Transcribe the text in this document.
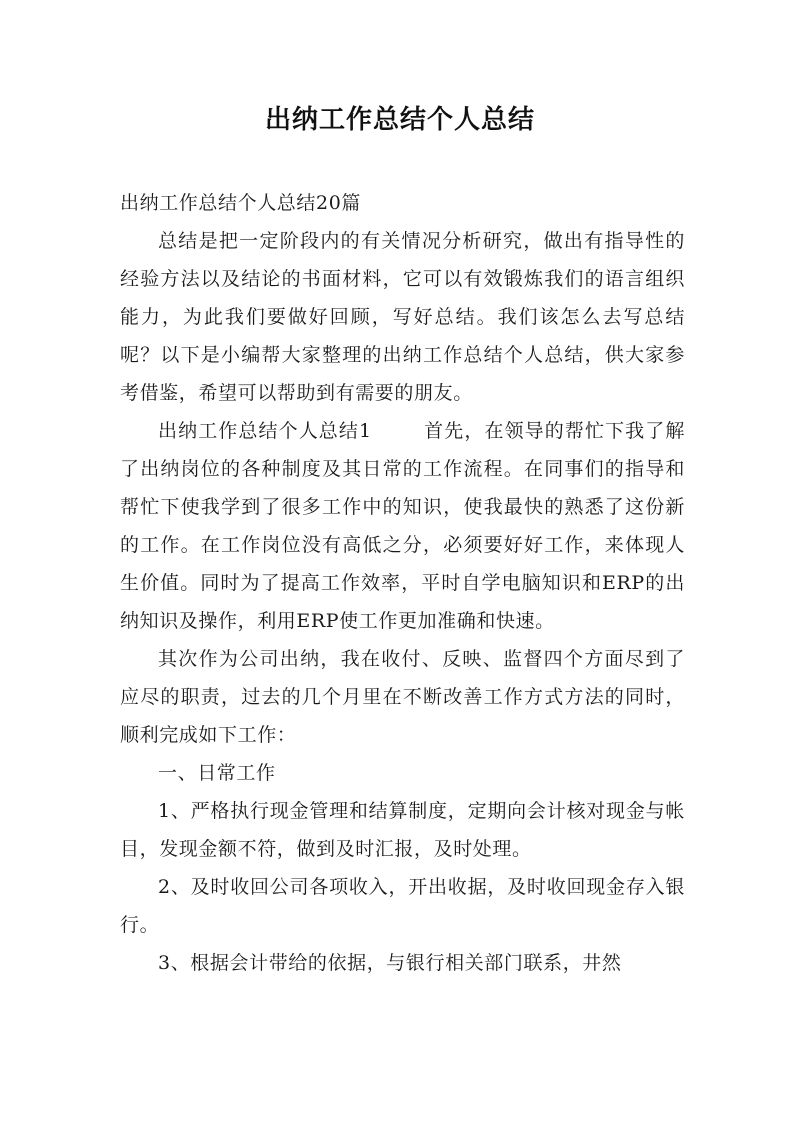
出纳工作总结个人总结

出纳工作总结个人总结20篇

总结是把一定阶段内的有关情况分析研究，做出有指导性的经验方法以及结论的书面材料，它可以有效锻炼我们的语言组织能力，为此我们要做好回顾，写好总结。我们该怎么去写总结呢？以下是小编帮大家整理的出纳工作总结个人总结，供大家参考借鉴，希望可以帮助到有需要的朋友。

出纳工作总结个人总结1	首先，在领导的帮忙下我了解了出纳岗位的各种制度及其日常的工作流程。在同事们的指导和帮忙下使我学到了很多工作中的知识，使我最快的熟悉了这份新的工作。在工作岗位没有高低之分，必须要好好工作，来体现人生价值。同时为了提高工作效率，平时自学电脑知识和ERP的出纳知识及操作，利用ERP使工作更加准确和快速。

其次作为公司出纳，我在收付、反映、监督四个方面尽到了应尽的职责，过去的几个月里在不断改善工作方式方法的同时，顺利完成如下工作：

一、日常工作

1、严格执行现金管理和结算制度，定期向会计核对现金与帐目，发现金额不符，做到及时汇报，及时处理。

2、及时收回公司各项收入，开出收据，及时收回现金存入银行。

3、根据会计带给的依据，与银行相关部门联系，井然
